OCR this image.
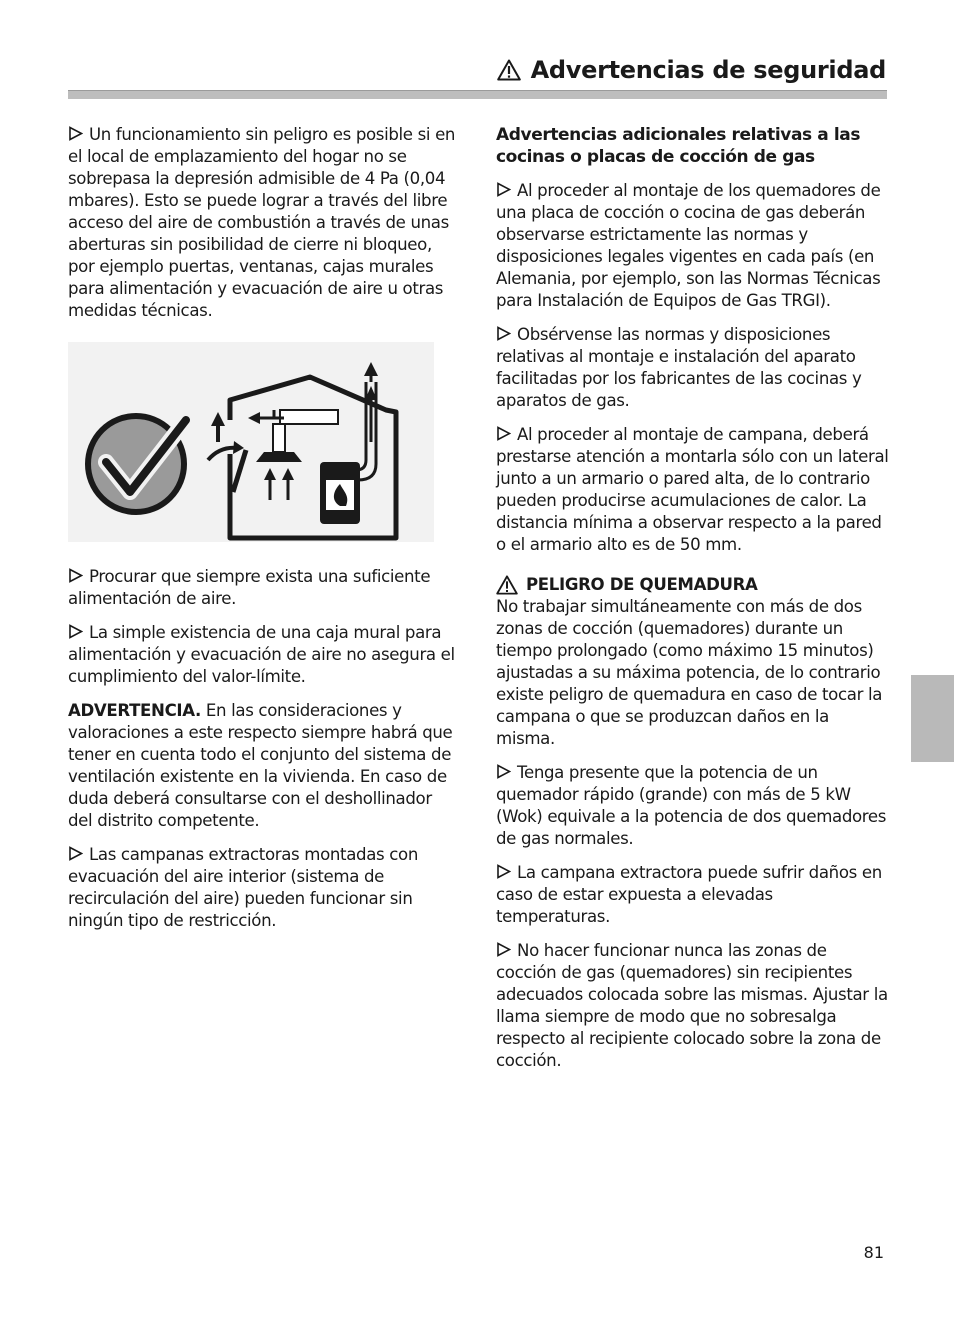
Advertencias de seguridad

Un funcionamiento sin peligro es posible si en el local de emplazamiento del hogar no se sobrepasa la depresión admisible de 4 Pa (0,04 mbares). Esto se puede lograr a través del libre acceso del aire de combustión a través de unas aberturas sin posibilidad de cierre ni bloqueo, por ejemplo puertas, ventanas, cajas murales para alimentación y evacuación de aire u otras medidas técnicas.

Procurar que siempre exista una suficiente alimentación de aire.

La simple existencia de una caja mural para alimentación y evacuación de aire no asegura el cumplimiento del valor-límite.

ADVERTENCIA. En las consideraciones y valoraciones a este respecto siempre habrá que tener en cuenta todo el conjunto del sistema de ventilación existente en la vivienda. En caso de duda deberá consultarse con el deshollinador del distrito competente.

Las campanas extractoras montadas con evacuación del aire interior (sistema de recirculación del aire) pueden funcionar sin ningún tipo de restricción.

Advertencias adicionales relativas a las cocinas o placas de cocción de gas

Al proceder al montaje de los quemadores de una placa de cocción o cocina de gas deberán observarse estrictamente las normas y disposiciones legales vigentes en cada país (en Alemania, por ejemplo, son las Normas Técnicas para Instalación de Equipos de Gas TRGI).

Obsérvense las normas y disposiciones relativas al montaje e instalación del aparato facilitadas por los fabricantes de las cocinas y aparatos de gas.

Al proceder al montaje de campana, deberá prestarse atención a montarla sólo con un lateral junto a un armario o pared alta, de lo contrario pueden producirse acumulaciones de calor. La distancia mínima a observar respecto a la pared o el armario alto es de 50 mm.

PELIGRO DE QUEMADURA

No trabajar simultáneamente con más de dos zonas de cocción (quemadores) durante un tiempo prolongado (como máximo 15 minutos) ajustadas a su máxima potencia, de lo contrario existe peligro de quemadura en caso de tocar la campana o que se produzcan daños en la misma.

Tenga presente que la potencia de un quemador rápido (grande) con más de 5 kW (Wok) equivale a la potencia de dos quemadores de gas normales.

La campana extractora puede sufrir daños en caso de estar expuesta a elevadas temperaturas.

No hacer funcionar nunca las zonas de cocción de gas (quemadores) sin recipientes adecuados colocada sobre las mismas. Ajustar la llama siempre de modo que no sobresalga respecto al recipiente colocado sobre la zona de cocción.

81
